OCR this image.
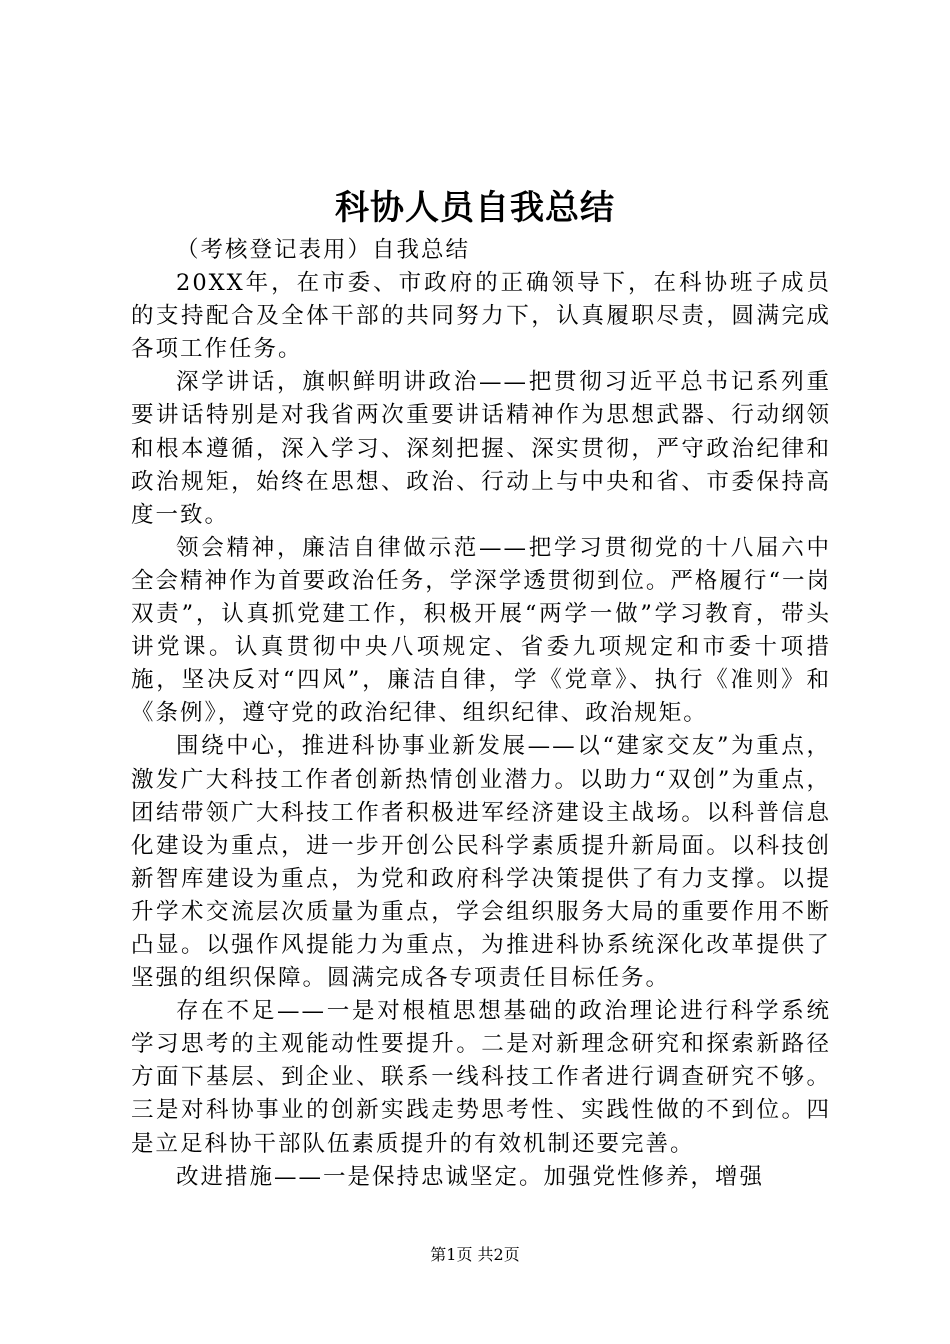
科协人员自我总结

（考核登记表用）自我总结

20XX年，在市委、市政府的正确领导下，在科协班子成员的支持配合及全体干部的共同努力下，认真履职尽责，圆满完成各项工作任务。

深学讲话，旗帜鲜明讲政治——把贯彻习近平总书记系列重要讲话特别是对我省两次重要讲话精神作为思想武器、行动纲领和根本遵循，深入学习、深刻把握、深实贯彻，严守政治纪律和政治规矩，始终在思想、政治、行动上与中央和省、市委保持高度一致。

领会精神，廉洁自律做示范——把学习贯彻党的十八届六中全会精神作为首要政治任务，学深学透贯彻到位。严格履行“一岗双责”，认真抓党建工作，积极开展“两学一做”学习教育，带头讲党课。认真贯彻中央八项规定、省委九项规定和市委十项措施，坚决反对“四风”，廉洁自律，学《党章》、执行《准则》和《条例》，遵守党的政治纪律、组织纪律、政治规矩。

围绕中心，推进科协事业新发展——以“建家交友”为重点，激发广大科技工作者创新热情创业潜力。以助力“双创”为重点，团结带领广大科技工作者积极进军经济建设主战场。以科普信息化建设为重点，进一步开创公民科学素质提升新局面。以科技创新智库建设为重点，为党和政府科学决策提供了有力支撑。以提升学术交流层次质量为重点，学会组织服务大局的重要作用不断凸显。以强作风提能力为重点，为推进科协系统深化改革提供了坚强的组织保障。圆满完成各专项责任目标任务。

存在不足——一是对根植思想基础的政治理论进行科学系统学习思考的主观能动性要提升。二是对新理念研究和探索新路径方面下基层、到企业、联系一线科技工作者进行调查研究不够。三是对科协事业的创新实践走势思考性、实践性做的不到位。四是立足科协干部队伍素质提升的有效机制还要完善。

改进措施——一是保持忠诚坚定。加强党性修养，增强

第1页 共2页
